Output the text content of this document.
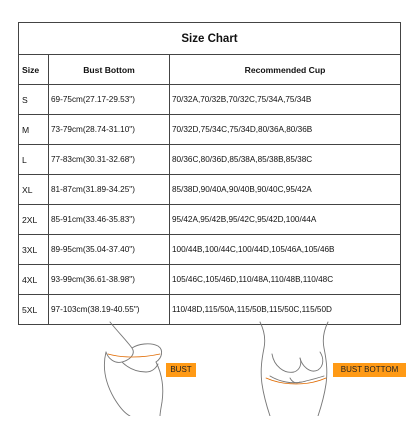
Size Chart		
Size	Bust Bottom	Recommended Cup
S	69-75cm(27.17-29.53")	70/32A,70/32B,70/32C,75/34A,75/34B
M	73-79cm(28.74-31.10")	70/32D,75/34C,75/34D,80/36A,80/36B
L	77-83cm(30.31-32.68")	80/36C,80/36D,85/38A,85/38B,85/38C
XL	81-87cm(31.89-34.25")	85/38D,90/40A,90/40B,90/40C,95/42A
2XL	85-91cm(33.46-35.83")	95/42A,95/42B,95/42C,95/42D,100/44A
3XL	89-95cm(35.04-37.40")	100/44B,100/44C,100/44D,105/46A,105/46B
4XL	93-99cm(36.61-38.98")	105/46C,105/46D,110/48A,110/48B,110/48C
5XL	97-103cm(38.19-40.55")	110/48D,115/50A,115/50B,115/50C,115/50D
BUST	BUST BOTTOM
